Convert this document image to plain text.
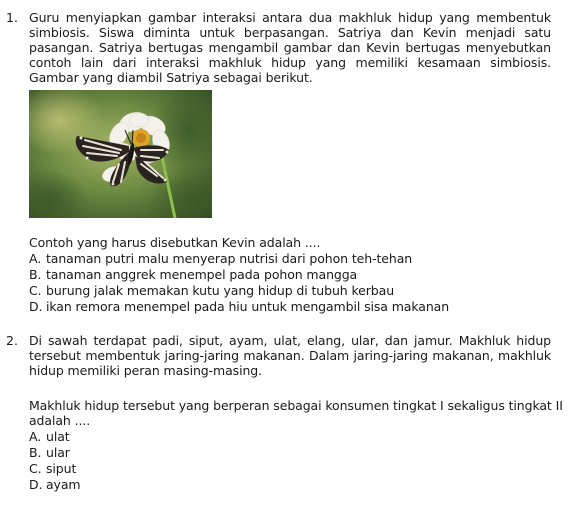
1. Guru menyiapkan gambar interaksi antara dua makhluk hidup yang membentuk simbiosis. Siswa diminta untuk berpasangan. Satriya dan Kevin menjadi satu pasangan. Satriya bertugas mengambil gambar dan Kevin bertugas menyebutkan contoh lain dari interaksi makhluk hidup yang memiliki kesamaan simbiosis. Gambar yang diambil Satriya sebagai berikut.
Contoh yang harus disebutkan Kevin adalah ....
A. tanaman putri malu menyerap nutrisi dari pohon teh-tehan
B. tanaman anggrek menempel pada pohon mangga
C. burung jalak memakan kutu yang hidup di tubuh kerbau
D. ikan remora menempel pada hiu untuk mengambil sisa makanan
2. Di sawah terdapat padi, siput, ayam, ulat, elang, ular, dan jamur. Makhluk hidup tersebut membentuk jaring-jaring makanan. Dalam jaring-jaring makanan, makhluk hidup memiliki peran masing-masing.
Makhluk hidup tersebut yang berperan sebagai konsumen tingkat I sekaligus tingkat II
adalah ....
A. ulat
B. ular
C. siput
D. ayam
